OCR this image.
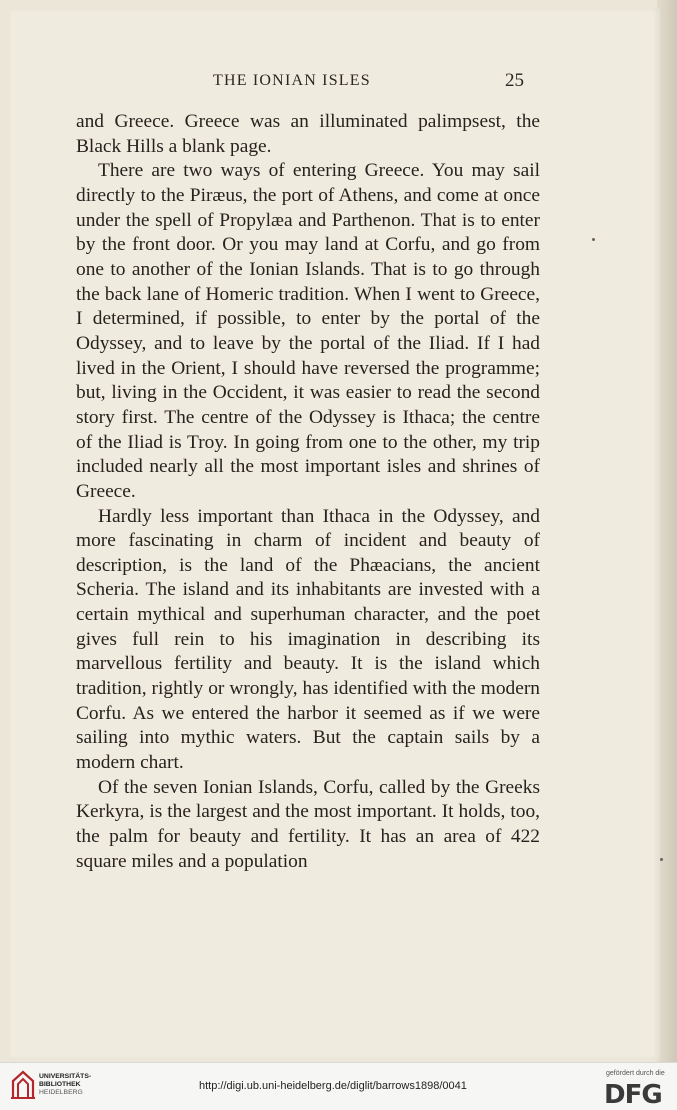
THE IONIAN ISLES	25

and Greece. Greece was an illuminated palimpsest, the Black Hills a blank page.

There are two ways of entering Greece. You may sail directly to the Piræus, the port of Athens, and come at once under the spell of Propylæa and Parthenon. That is to enter by the front door. Or you may land at Corfu, and go from one to another of the Ionian Islands. That is to go through the back lane of Homeric tradition. When I went to Greece, I determined, if possible, to enter by the portal of the Odyssey, and to leave by the portal of the Iliad. If I had lived in the Orient, I should have reversed the programme; but, living in the Occident, it was easier to read the second story first. The centre of the Odyssey is Ithaca; the centre of the Iliad is Troy. In going from one to the other, my trip included nearly all the most important isles and shrines of Greece.

Hardly less important than Ithaca in the Odyssey, and more fascinating in charm of incident and beauty of description, is the land of the Phæacians, the ancient Scheria. The island and its inhabitants are invested with a certain mythical and superhuman character, and the poet gives full rein to his imagination in describing its marvellous fertility and beauty. It is the island which tradition, rightly or wrongly, has identified with the modern Corfu. As we entered the harbor it seemed as if we were sailing into mythic waters. But the captain sails by a modern chart.

Of the seven Ionian Islands, Corfu, called by the Greeks Kerkyra, is the largest and the most important. It holds, too, the palm for beauty and fertility. It has an area of 422 square miles and a population

UNIVERSITÄTS-
BIBLIOTHEK
HEIDELBERG
http://digi.ub.uni-heidelberg.de/diglit/barrows1898/0041
gefördert durch die
DFG
